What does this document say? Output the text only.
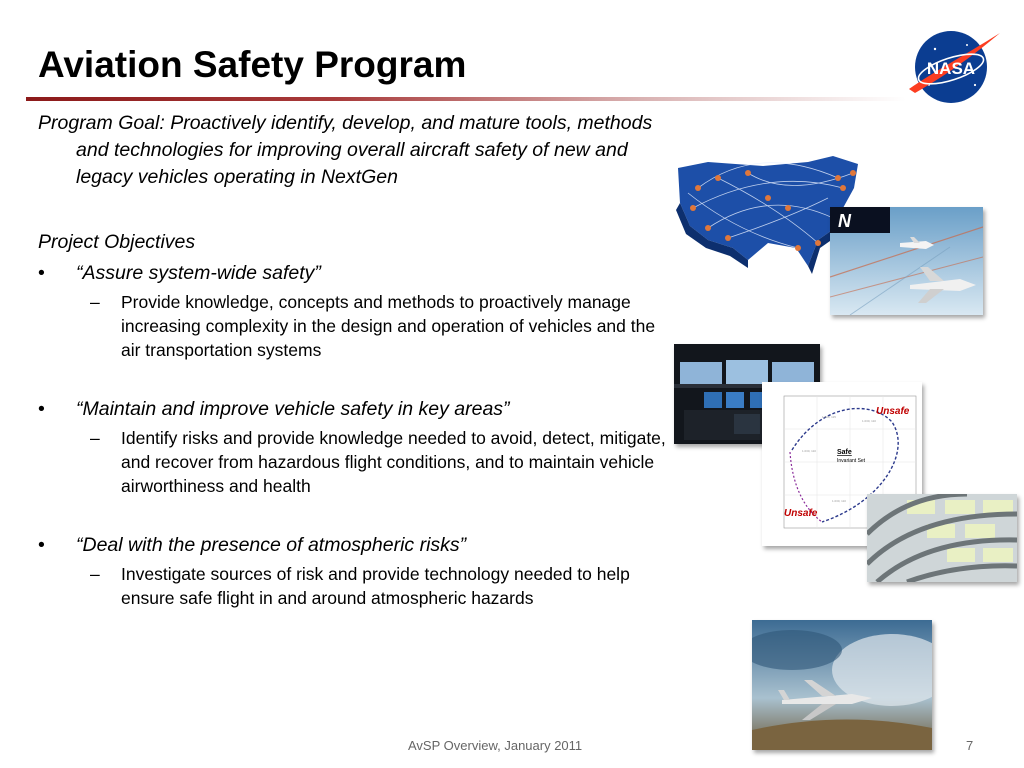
Aviation Safety Program	NASA

Program Goal: Proactively identify, develop, and mature tools, methods and technologies for improving overall aircraft safety of new and legacy vehicles operating in NextGen

Project Objectives

• “Assure system-wide safety”

– Provide knowledge, concepts and methods to proactively manage increasing complexity in the design and operation of vehicles and the air transportation systems

• “Maintain and improve vehicle safety in key areas”

– Identify risks and provide knowledge needed to avoid, detect, mitigate, and recover from hazardous flight conditions, and to maintain vehicle airworthiness and health

• “Deal with the presence of atmospheric risks”

– Investigate sources of risk and provide technology needed to help ensure safe flight in and around atmospheric hazards

N
1.030, 115
1.030, 110
1.030, 110
1.030, 110
Unsafe
Safe
Invariant Set
Unsafe
AvSP Overview, January 2011	7
